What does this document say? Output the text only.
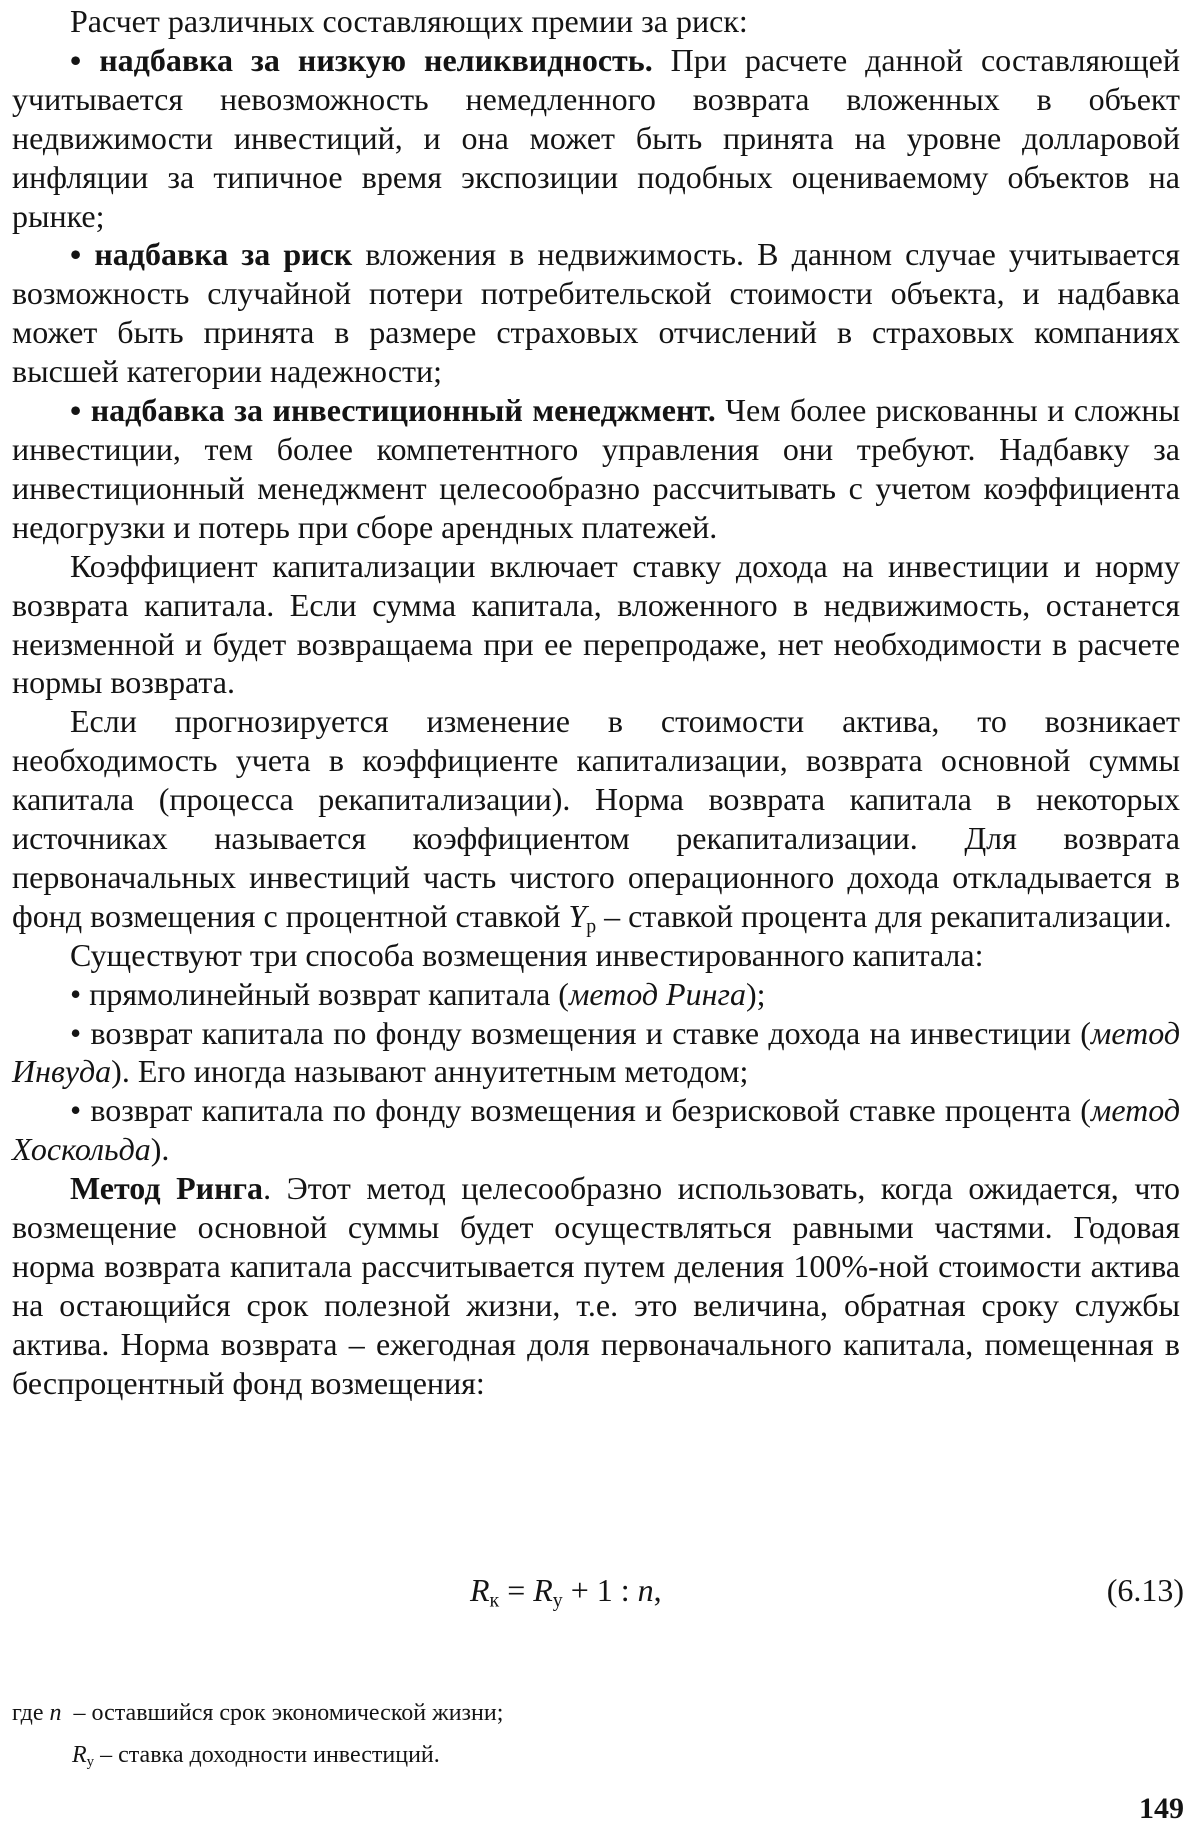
Расчет различных составляющих премии за риск:

• надбавка за низкую неликвидность. При расчете данной составляющей учитывается невозможность немедленного возврата вложенных в объект недвижимости инвестиций, и она может быть принята на уровне долларовой инфляции за типичное время экспозиции подобных оцениваемому объектов на рынке;

• надбавка за риск вложения в недвижимость. В данном случае учитывается возможность случайной потери потребительской стоимости объекта, и надбавка может быть принята в размере страховых отчислений в страховых компаниях высшей категории надежности;

• надбавка за инвестиционный менеджмент. Чем более рискованны и сложны инвестиции, тем более компетентного управления они требуют. Надбавку за инвестиционный менеджмент целесообразно рассчитывать с учетом коэффициента недогрузки и потерь при сборе арендных платежей.

Коэффициент капитализации включает ставку дохода на инвестиции и норму возврата капитала. Если сумма капитала, вложенного в недвижимость, останется неизменной и будет возвращаема при ее перепродаже, нет необходимости в расчете нормы возврата.

Если прогнозируется изменение в стоимости актива, то возникает необходимость учета в коэффициенте капитализации, возврата основной суммы капитала (процесса рекапитализации). Норма возврата капитала в некоторых источниках называется коэффициентом рекапитализации. Для возврата первоначальных инвестиций часть чистого операционного дохода откладывается в фонд возмещения с процентной ставкой $Y_р$ – ставкой процента для рекапитализации.

Существуют три способа возмещения инвестированного капитала:

• прямолинейный возврат капитала (метод Ринга);

• возврат капитала по фонду возмещения и ставке дохода на инвестиции (метод Инвуда). Его иногда называют аннуитетным методом;

• возврат капитала по фонду возмещения и безрисковой ставке процента (метод Хоскольда).

Метод Ринга. Этот метод целесообразно использовать, когда ожидается, что возмещение основной суммы будет осуществляться равными частями. Годовая норма возврата капитала рассчитывается путем деления 100%-ной стоимости актива на остающийся срок полезной жизни, т.е. это величина, обратная сроку службы актива. Норма возврата – ежегодная доля первоначального капитала, помещенная в беспроцентный фонд возмещения:

$R_к = R_у + 1$ : n,	(6.13)
где n  – оставшийся срок экономической жизни;
$R_у$ – ставка доходности инвестиций.
149
